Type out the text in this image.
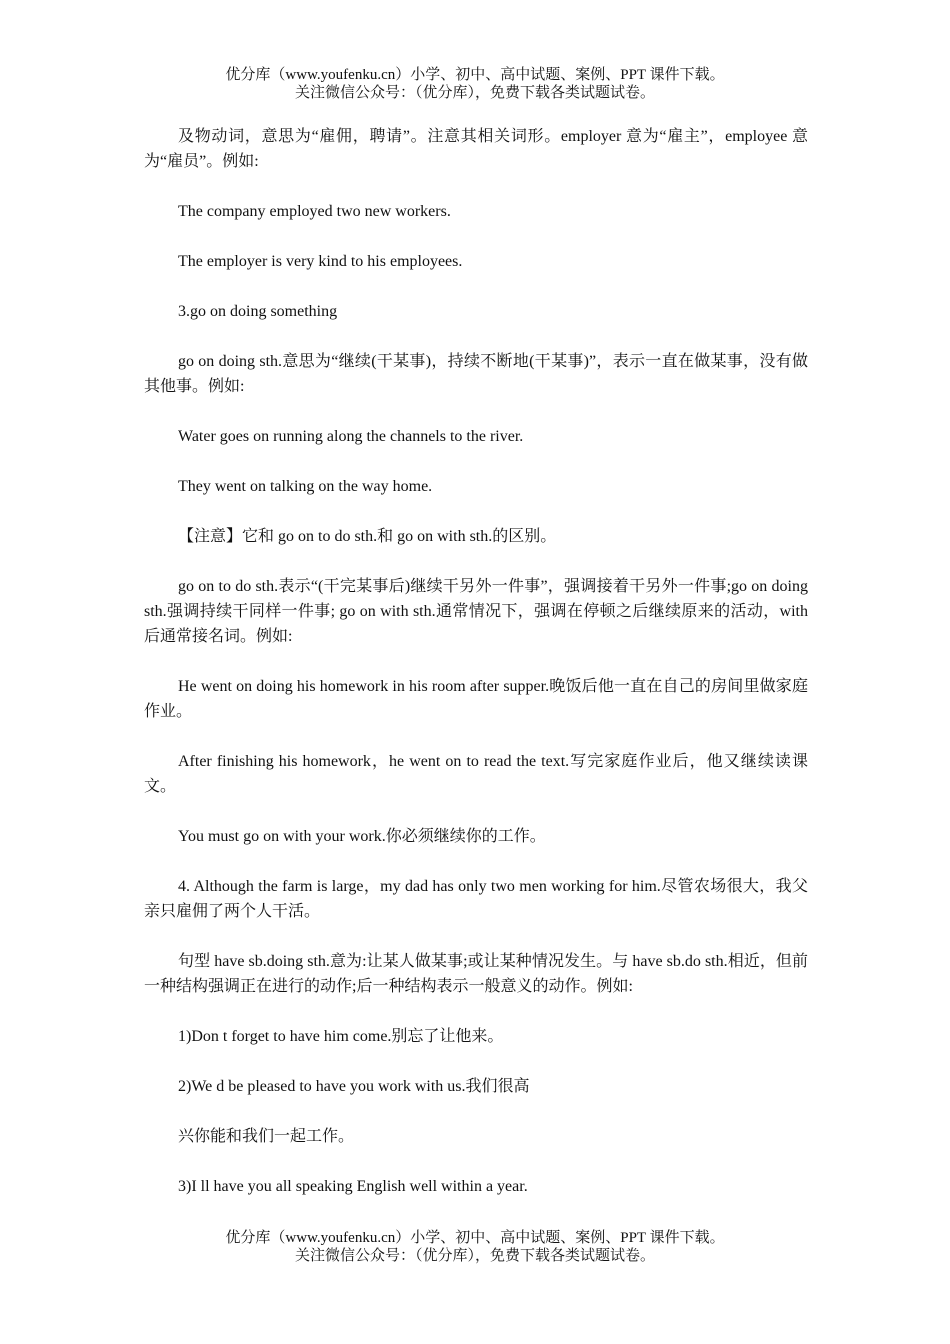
优分库（www.youfenku.cn）小学、初中、高中试题、案例、PPT 课件下载。
关注微信公众号：（优分库），免费下载各类试题试卷。

及物动词，意思为“雇佣，聘请”。注意其相关词形。employer 意为“雇主”，employee 意为“雇员”。例如:

The company employed two new workers.

The employer is very kind to his employees.

3.go on doing something

go on doing sth.意思为“继续(干某事)，持续不断地(干某事)”，表示一直在做某事，没有做其他事。例如:

Water goes on running along the channels to the river.

They went on talking on the way home.

【注意】它和 go on to do sth.和 go on with sth.的区别。

go on to do sth.表示“(干完某事后)继续干另外一件事”，强调接着干另外一件事;go on doing sth.强调持续干同样一件事; go on with sth.通常情况下，强调在停顿之后继续原来的活动，with 后通常接名词。例如:

He went on doing his homework in his room after supper.晚饭后他一直在自己的房间里做家庭作业。

After finishing his homework，he went on to read the text.写完家庭作业后，他又继续读课文。

You must go on with your work.你必须继续你的工作。

4. Although the farm is large，my dad has only two men working for him.尽管农场很大，我父亲只雇佣了两个人干活。

句型 have sb.doing sth.意为:让某人做某事;或让某种情况发生。与 have sb.do sth.相近，但前一种结构强调正在进行的动作;后一种结构表示一般意义的动作。例如:

1)Don t forget to have him come.别忘了让他来。

2)We d be pleased to have you work with us.我们很高

兴你能和我们一起工作。

3)I ll have you all speaking English well within a year.

优分库（www.youfenku.cn）小学、初中、高中试题、案例、PPT 课件下载。
关注微信公众号：（优分库），免费下载各类试题试卷。
